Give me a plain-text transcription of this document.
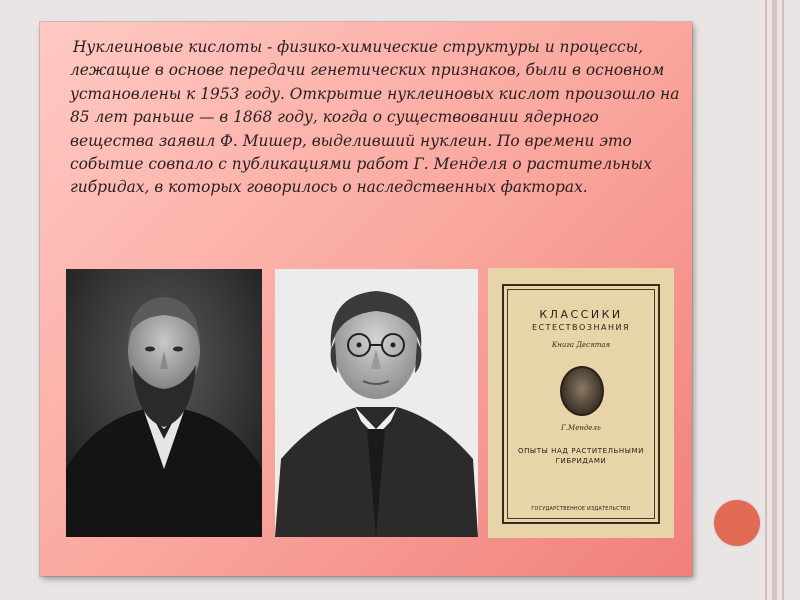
Нуклеиновые кислоты - физико-химические структуры и процессы, лежащие в основе передачи генетических признаков, были в основном установлены к 1953 году. Открытие нуклеиновых кислот произошло на 85 лет раньше — в 1868 году, когда о существовании ядерного вещества заявил Ф. Мишер, выделивший нуклеин. По времени это событие совпало с публикациями работ Г. Менделя о растительных гибридах, в которых говорилось о наследственных факторах.

КЛАССИКИ
ЕСТЕСТВОЗНАНИЯ
Книга Десятая
Г.Мендель
ОПЫТЫ НАД РАСТИТЕЛЬНЫМИ ГИБРИДАМИ
ГОСУДАРСТВЕННОЕ ИЗДАТЕЛЬСТВО
